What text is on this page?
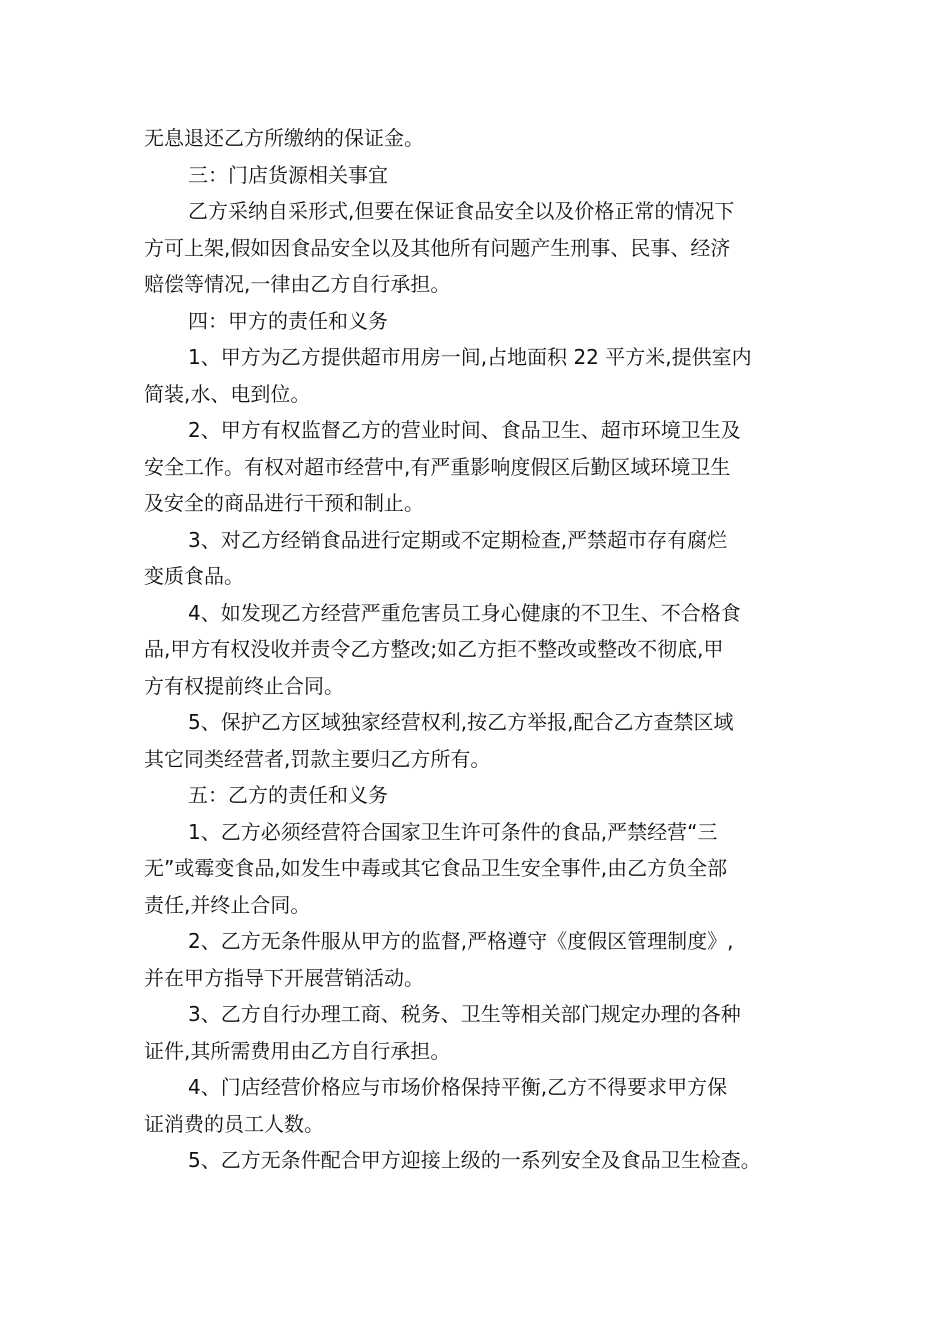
无息退还乙方所缴纳的保证金。

三：门店货源相关事宜

乙方采纳自采形式,但要在保证食品安全以及价格正常的情况下

方可上架,假如因食品安全以及其他所有问题产生刑事、民事、经济

赔偿等情况,一律由乙方自行承担。

四：甲方的责任和义务

1、甲方为乙方提供超市用房一间,占地面积 22 平方米,提供室内

简装,水、电到位。

2、甲方有权监督乙方的营业时间、食品卫生、超市环境卫生及

安全工作。有权对超市经营中,有严重影响度假区后勤区域环境卫生

及安全的商品进行干预和制止。

3、对乙方经销食品进行定期或不定期检查,严禁超市存有腐烂

变质食品。

4、如发现乙方经营严重危害员工身心健康的不卫生、不合格食

品,甲方有权没收并责令乙方整改;如乙方拒不整改或整改不彻底,甲

方有权提前终止合同。

5、保护乙方区域独家经营权利,按乙方举报,配合乙方查禁区域

其它同类经营者,罚款主要归乙方所有。

五：乙方的责任和义务

1、乙方必须经营符合国家卫生许可条件的食品,严禁经营“三

无”或霉变食品,如发生中毒或其它食品卫生安全事件,由乙方负全部

责任,并终止合同。

2、乙方无条件服从甲方的监督,严格遵守《度假区管理制度》,

并在甲方指导下开展营销活动。

3、乙方自行办理工商、税务、卫生等相关部门规定办理的各种

证件,其所需费用由乙方自行承担。

4、门店经营价格应与市场价格保持平衡,乙方不得要求甲方保

证消费的员工人数。

5、乙方无条件配合甲方迎接上级的一系列安全及食品卫生检查。
